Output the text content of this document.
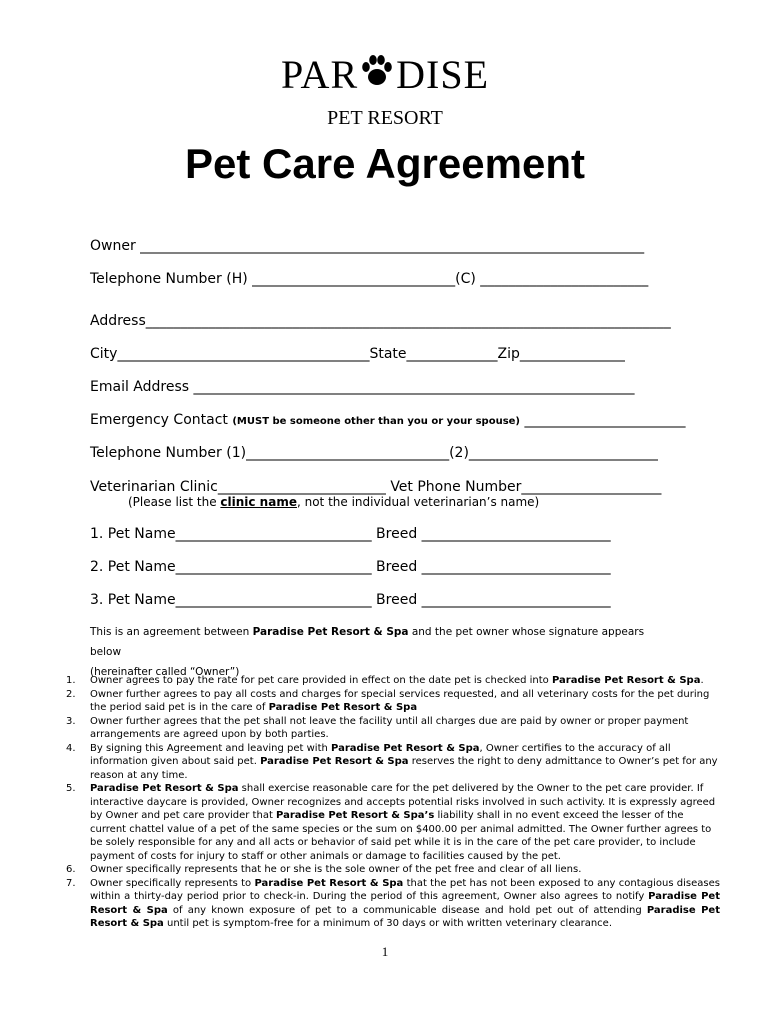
PAR DISE
PET RESORT
Pet Care Agreement
Owner ________________________________________________________________________
Telephone Number (H) _____________________________(C) ________________________
Address___________________________________________________________________________
City____________________________________State_____________Zip_______________
Email Address _______________________________________________________________
Emergency Contact (MUST be someone other than you or your spouse) _______________________
Telephone Number (1)_____________________________(2)___________________________
Veterinarian Clinic________________________ Vet Phone Number____________________
(Please list the clinic name, not the individual veterinarian’s name)
1. Pet Name____________________________ Breed ___________________________
2. Pet Name____________________________ Breed ___________________________
3. Pet Name____________________________ Breed ___________________________
This is an agreement between Paradise Pet Resort & Spa and the pet owner whose signature appears below
(hereinafter called “Owner”)
1. Owner agrees to pay the rate for pet care provided in effect on the date pet is checked into Paradise Pet Resort & Spa.
2. Owner further agrees to pay all costs and charges for special services requested, and all veterinary costs for the pet during the period said pet is in the care of Paradise Pet Resort & Spa
3. Owner further agrees that the pet shall not leave the facility until all charges due are paid by owner or proper payment arrangements are agreed upon by both parties.
4. By signing this Agreement and leaving pet with Paradise Pet Resort & Spa, Owner certifies to the accuracy of all information given about said pet. Paradise Pet Resort & Spa reserves the right to deny admittance to Owner’s pet for any reason at any time.
5. Paradise Pet Resort & Spa shall exercise reasonable care for the pet delivered by the Owner to the pet care provider. If interactive daycare is provided, Owner recognizes and accepts potential risks involved in such activity. It is expressly agreed by Owner and pet care provider that Paradise Pet Resort & Spa’s liability shall in no event exceed the lesser of the current chattel value of a pet of the same species or the sum on $400.00 per animal admitted. The Owner further agrees to be solely responsible for any and all acts or behavior of said pet while it is in the care of the pet care provider, to include payment of costs for injury to staff or other animals or damage to facilities caused by the pet.
6. Owner specifically represents that he or she is the sole owner of the pet free and clear of all liens.
7. Owner specifically represents to Paradise Pet Resort & Spa that the pet has not been exposed to any contagious diseases within a thirty-day period prior to check-in. During the period of this agreement, Owner also agrees to notify Paradise Pet Resort & Spa of any known exposure of pet to a communicable disease and hold pet out of attending Paradise Pet Resort & Spa until pet is symptom-free for a minimum of 30 days or with written veterinary clearance.
1
